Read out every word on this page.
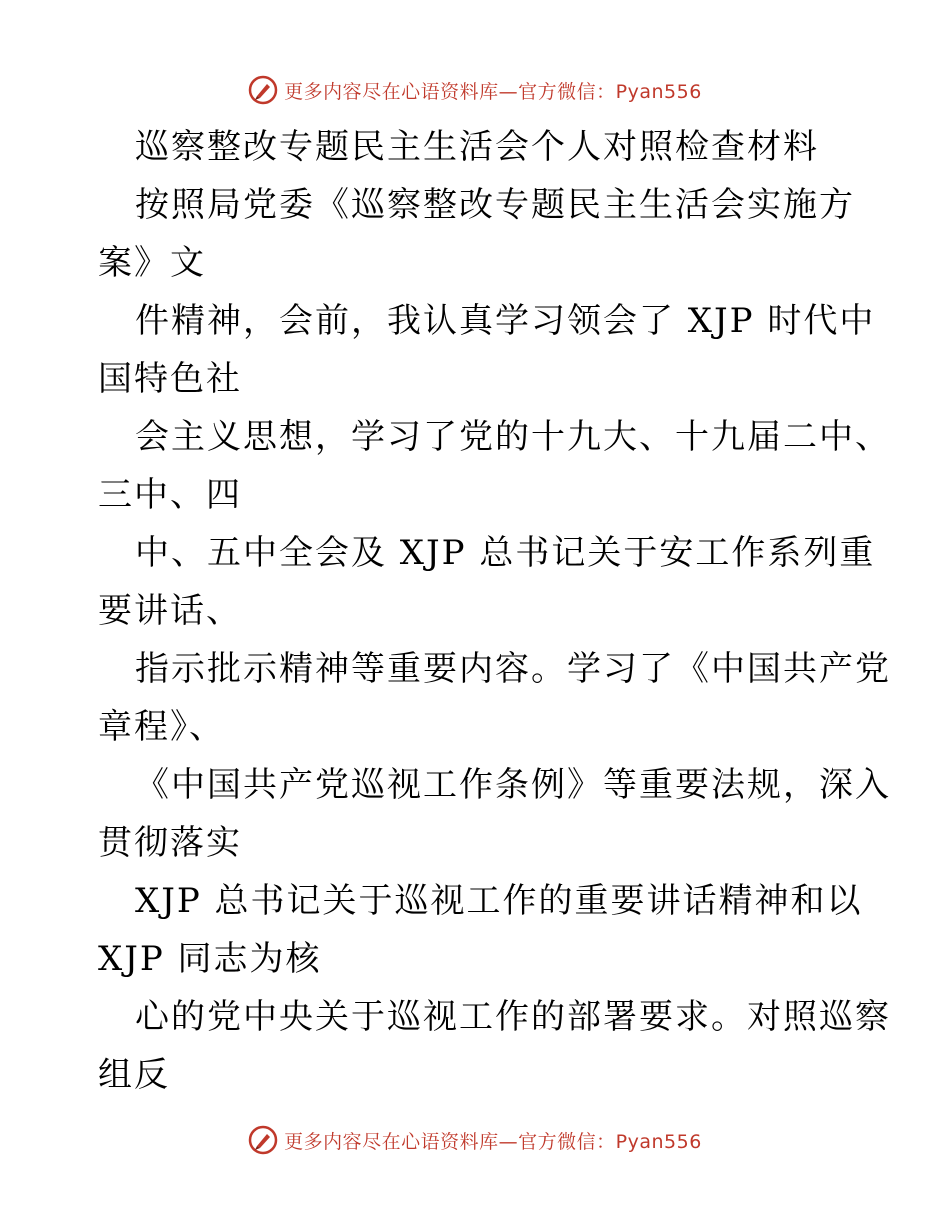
更多内容尽在心语资料库—官方微信：Pyan556
巡察整改专题民主生活会个人对照检查材料
按照局党委《巡察整改专题民主生活会实施方
案》文
件精神，会前，我认真学习领会了 XJP 时代中
国特色社
会主义思想，学习了党的十九大、十九届二中、
三中、四
中、五中全会及 XJP 总书记关于安工作系列重
要讲话、
指示批示精神等重要内容。学习了《中国共产党
章程》、
《中国共产党巡视工作条例》等重要法规，深入
贯彻落实
XJP 总书记关于巡视工作的重要讲话精神和以
XJP 同志为核
心的党中央关于巡视工作的部署要求。对照巡察
组反
更多内容尽在心语资料库—官方微信：Pyan556
